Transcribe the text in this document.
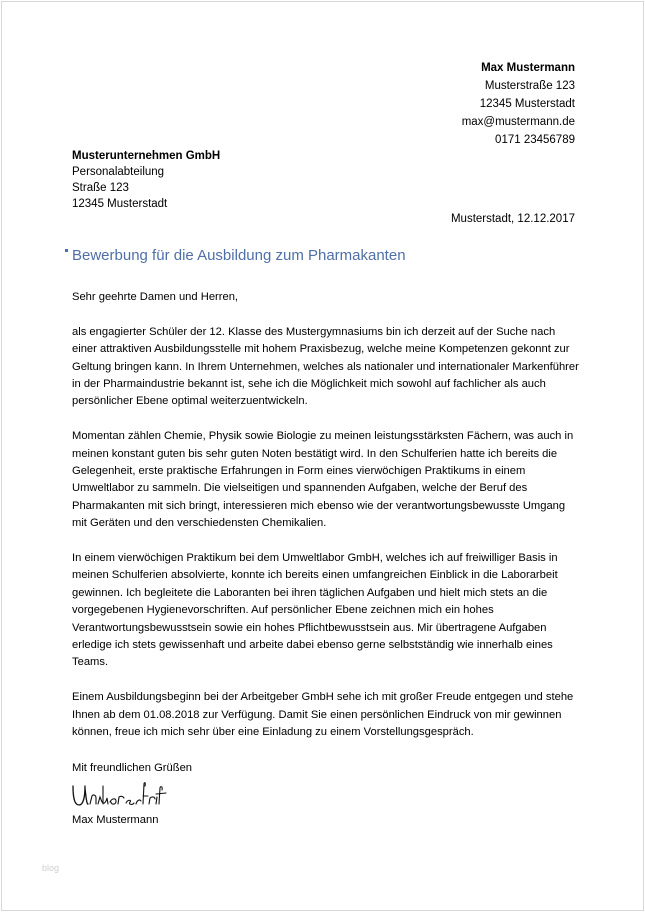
Max Mustermann
Musterstraße 123
12345 Musterstadt
max@mustermann.de
0171 23456789
Musterunternehmen GmbH
Personalabteilung
Straße 123
12345 Musterstadt
Musterstadt, 12.12.2017
Bewerbung für die Ausbildung zum Pharmakanten

Sehr geehrte Damen und Herren,

als engagierter Schüler der 12. Klasse des Mustergymnasiums bin ich derzeit auf der Suche nach einer attraktiven Ausbildungsstelle mit hohem Praxisbezug, welche meine Kompetenzen gekonnt zur Geltung bringen kann. In Ihrem Unternehmen, welches als nationaler und internationaler Markenführer in der Pharmaindustrie bekannt ist, sehe ich die Möglichkeit mich sowohl auf fachlicher als auch persönlicher Ebene optimal weiterzuentwickeln.

Momentan zählen Chemie, Physik sowie Biologie zu meinen leistungsstärksten Fächern, was auch in meinen konstant guten bis sehr guten Noten bestätigt wird. In den Schulferien hatte ich bereits die Gelegenheit, erste praktische Erfahrungen in Form eines vierwöchigen Praktikums in einem Umweltlabor zu sammeln. Die vielseitigen und spannenden Aufgaben, welche der Beruf des Pharmakanten mit sich bringt, interessieren mich ebenso wie der verantwortungsbewusste Umgang mit Geräten und den verschiedensten Chemikalien.

In einem vierwöchigen Praktikum bei dem Umweltlabor GmbH, welches ich auf freiwilliger Basis in meinen Schulferien absolvierte, konnte ich bereits einen umfangreichen Einblick in die Laborarbeit gewinnen. Ich begleitete die Laboranten bei ihren täglichen Aufgaben und hielt mich stets an die vorgegebenen Hygienevorschriften. Auf persönlicher Ebene zeichnen mich ein hohes Verantwortungsbewusstsein sowie ein hohes Pflichtbewusstsein aus. Mir übertragene Aufgaben erledige ich stets gewissenhaft und arbeite dabei ebenso gerne selbstständig wie innerhalb eines Teams.

Einem Ausbildungsbeginn bei der Arbeitgeber GmbH sehe ich mit großer Freude entgegen und stehe Ihnen ab dem 01.08.2018 zur Verfügung. Damit Sie einen persönlichen Eindruck von mir gewinnen können, freue ich mich sehr über eine Einladung zu einem Vorstellungsgespräch.

Mit freundlichen Grüßen
Max Mustermann
blog
